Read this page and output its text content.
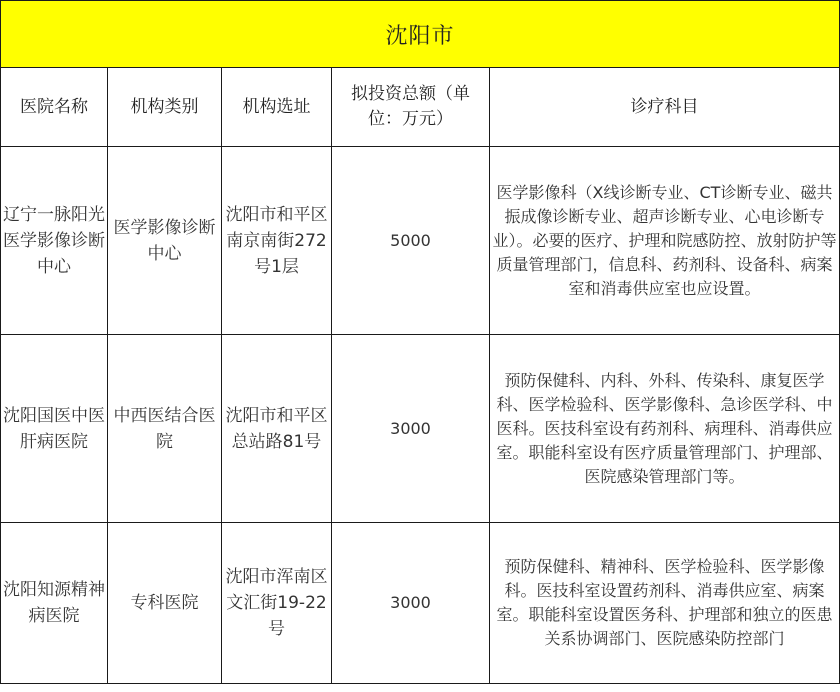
沈阳市				
医院名称	机构类别	机构选址	拟投资总额（单位：万元）	诊疗科目
辽宁一脉阳光医学影像诊断中心	医学影像诊断中心	沈阳市和平区南京南街272号1层	5000	医学影像科（X线诊断专业、CT诊断专业、磁共振成像诊断专业、超声诊断专业、心电诊断专业）。必要的医疗、护理和院感防控、放射防护等质量管理部门，信息科、药剂科、设备科、病案室和消毒供应室也应设置。
沈阳国医中医肝病医院	中西医结合医院	沈阳市和平区总站路81号	3000	预防保健科、内科、外科、传染科、康复医学科、医学检验科、医学影像科、急诊医学科、中医科。医技科室设有药剂科、病理科、消毒供应室。职能科室设有医疗质量管理部门、护理部、医院感染管理部门等。
沈阳知源精神病医院	专科医院	沈阳市浑南区文汇街19-22号	3000	预防保健科、精神科、医学检验科、医学影像科。医技科室设置药剂科、消毒供应室、病案室。职能科室设置医务科、护理部和独立的医患关系协调部门、医院感染防控部门
